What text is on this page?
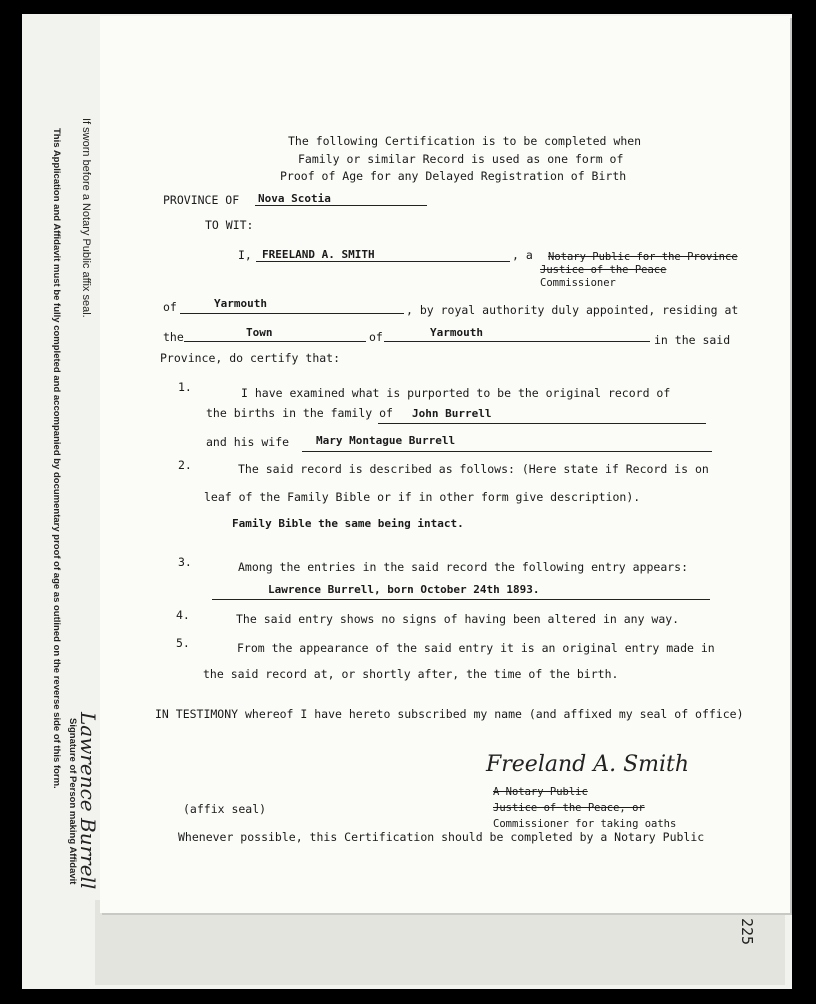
If sworn before a Notary Public affix seal.
This Application and Affidavit must be fully completed and accompanied by documentary proof of age as outlined on the reverse side of this form.
Signature of Person making Affidavit
Lawrence Burrell
The following Certification is to be completed when
Family or similar Record is used as one form of
Proof of Age for any Delayed Registration of Birth
PROVINCE OF Nova Scotia
TO WIT:
I, FREELAND A. SMITH	, a Notary Public for the Province
Justice of the Peace
Commissioner
of	Yarmouth	, by royal authority duly appointed, residing at
the	Town	of	Yarmouth
in the said
Province, do certify that:
1.	I have examined what is purported to be the original record of
the births in the family of John Burrell
and his wife Mary Montague Burrell
2.	The said record is described as follows: (Here state if Record is on
leaf of the Family Bible or if in other form give description).
Family Bible the same being intact.
3.	Among the entries in the said record the following entry appears:
Lawrence Burrell, born October 24th 1893.
4.	The said entry shows no signs of having been altered in any way.
5.	From the appearance of the said entry it is an original entry made in
the said record at, or shortly after, the time of the birth.
IN TESTIMONY whereof I have hereto subscribed my name (and affixed my seal of office)
Freeland A. Smith
A Notary Public
Justice of the Peace, or
Commissioner for taking oaths
(affix seal)
Whenever possible, this Certification should be completed by a Notary Public
225
